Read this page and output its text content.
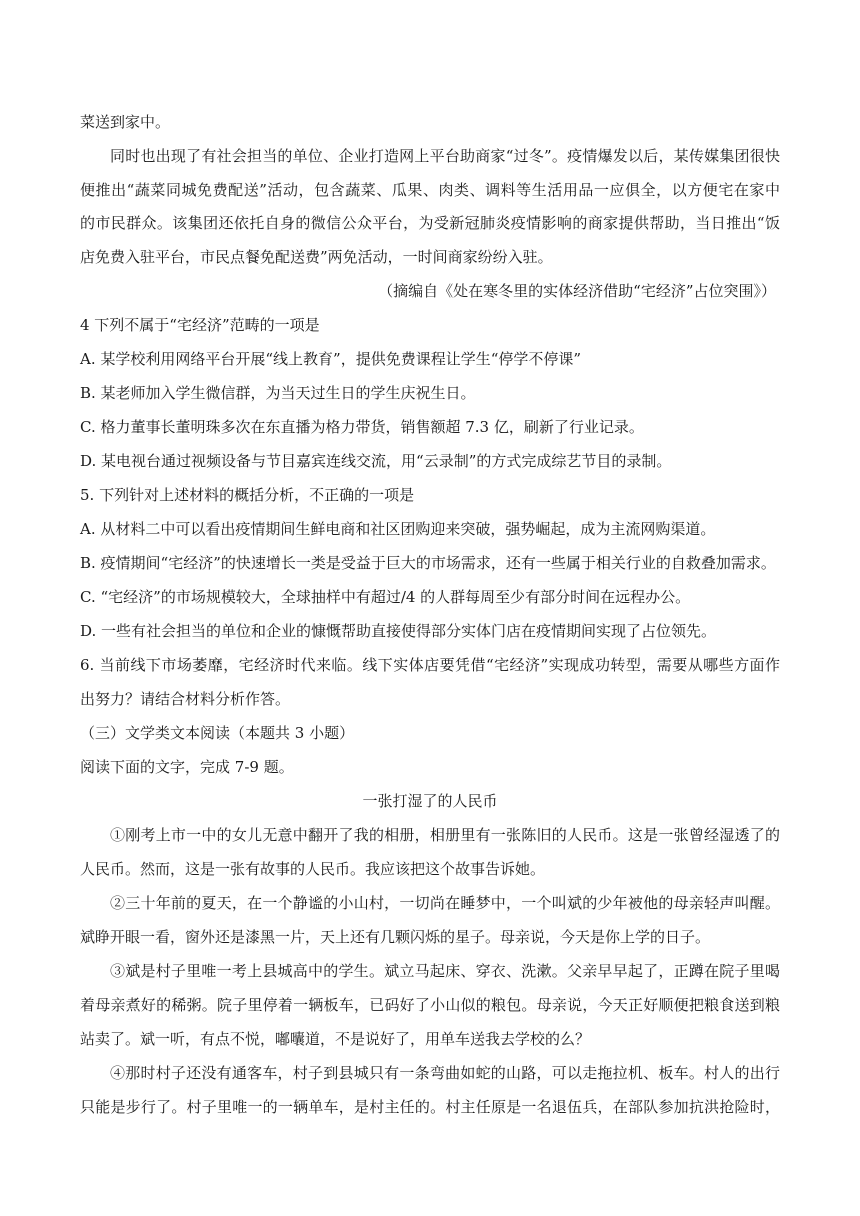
菜送到家中。
同时也出现了有社会担当的单位、企业打造网上平台助商家“过冬”。疫情爆发以后，某传媒集团很快
便推出“蔬菜同城免费配送”活动，包含蔬菜、瓜果、肉类、调料等生活用品一应俱全，以方便宅在家中
的市民群众。该集团还依托自身的微信公众平台，为受新冠肺炎疫情影响的商家提供帮助，当日推出“饭
店免费入驻平台，市民点餐免配送费”两免活动，一时间商家纷纷入驻。
（摘编自《处在寒冬里的实体经济借助“宅经济”占位突围》）
4 下列不属于“宅经济”范畴的一项是
A. 某学校利用网络平台开展“线上教育”，提供免费课程让学生“停学不停课”
B. 某老师加入学生微信群，为当天过生日的学生庆祝生日。
C. 格力董事长董明珠多次在东直播为格力带货，销售额超 7.3 亿，刷新了行业记录。
D. 某电视台通过视频设备与节目嘉宾连线交流，用“云录制”的方式完成综艺节目的录制。
5. 下列针对上述材料的概括分析，不正确的一项是
A. 从材料二中可以看出疫情期间生鲜电商和社区团购迎来突破，强势崛起，成为主流网购渠道。
B. 疫情期间“宅经济”的快速增长一类是受益于巨大的市场需求，还有一些属于相关行业的自救叠加需求。
C. “宅经济”的市场规模较大，全球抽样中有超过/4 的人群每周至少有部分时间在远程办公。
D. 一些有社会担当的单位和企业的慷慨帮助直接使得部分实体门店在疫情期间实现了占位领先。
6. 当前线下市场萎靡，宅经济时代来临。线下实体店要凭借“宅经济”实现成功转型，需要从哪些方面作
出努力？请结合材料分析作答。
（三）文学类文本阅读（本题共 3 小题）
阅读下面的文字，完成 7-9 题。
一张打湿了的人民币
①刚考上市一中的女儿无意中翻开了我的相册，相册里有一张陈旧的人民币。这是一张曾经湿透了的
人民币。然而，这是一张有故事的人民币。我应该把这个故事告诉她。
②三十年前的夏天，在一个静谧的小山村，一切尚在睡梦中，一个叫斌的少年被他的母亲轻声叫醒。
斌睁开眼一看，窗外还是漆黑一片，天上还有几颗闪烁的星子。母亲说，今天是你上学的日子。
③斌是村子里唯一考上县城高中的学生。斌立马起床、穿衣、洗漱。父亲早早起了，正蹲在院子里喝
着母亲煮好的稀粥。院子里停着一辆板车，已码好了小山似的粮包。母亲说，今天正好顺便把粮食送到粮
站卖了。斌一听，有点不悦，嘟囔道，不是说好了，用单车送我去学校的么？
④那时村子还没有通客车，村子到县城只有一条弯曲如蛇的山路，可以走拖拉机、板车。村人的出行
只能是步行了。村子里唯一的一辆单车，是村主任的。村主任原是一名退伍兵，在部队参加抗洪抢险时，
